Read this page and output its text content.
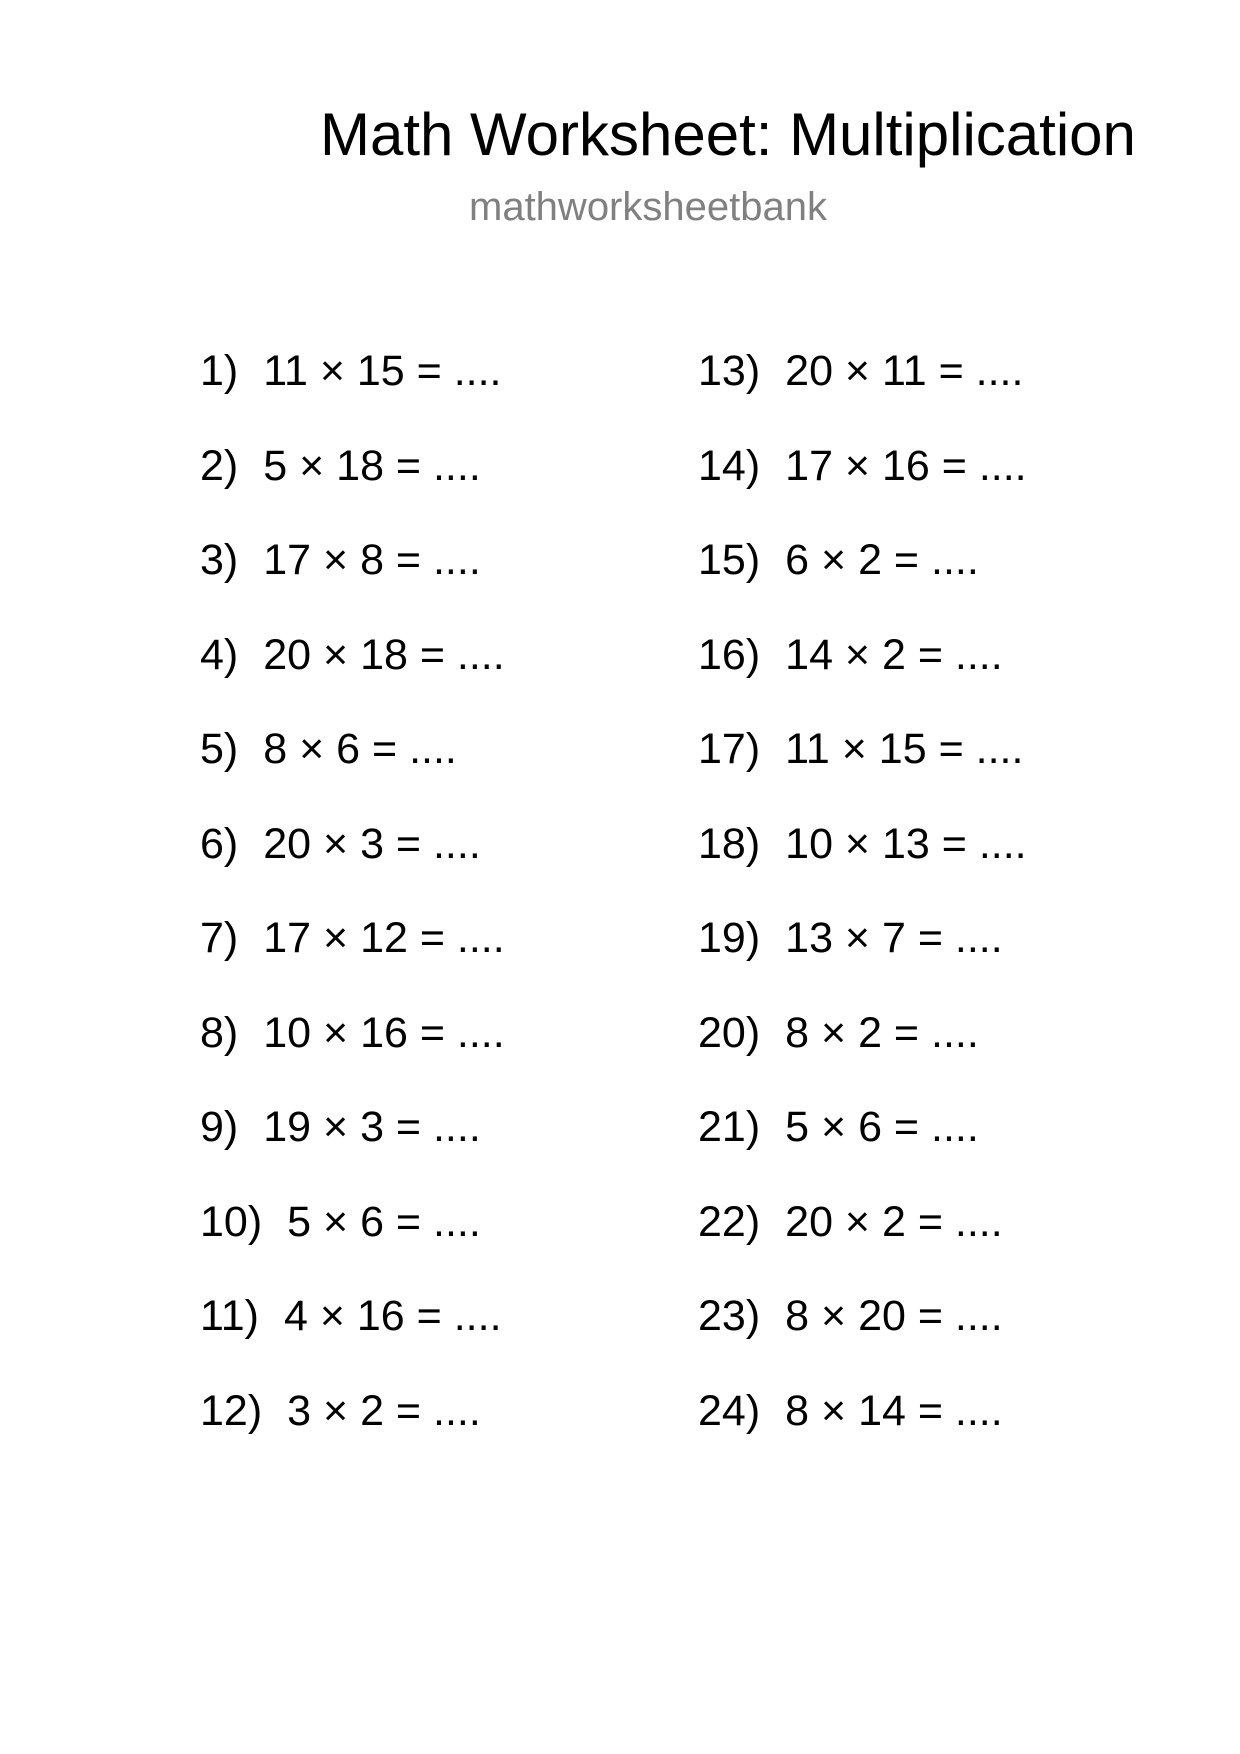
Math Worksheet: Multiplication
mathworksheetbank
1) 11 × 15 = ....
2) 5 × 18 = ....
3) 17 × 8 = ....
4) 20 × 18 = ....
5) 8 × 6 = ....
6) 20 × 3 = ....
7) 17 × 12 = ....
8) 10 × 16 = ....
9) 19 × 3 = ....
10) 5 × 6 = ....
11) 4 × 16 = ....
12) 3 × 2 = ....
13) 20 × 11 = ....
14) 17 × 16 = ....
15) 6 × 2 = ....
16) 14 × 2 = ....
17) 11 × 15 = ....
18) 10 × 13 = ....
19) 13 × 7 = ....
20) 8 × 2 = ....
21) 5 × 6 = ....
22) 20 × 2 = ....
23) 8 × 20 = ....
24) 8 × 14 = ....
